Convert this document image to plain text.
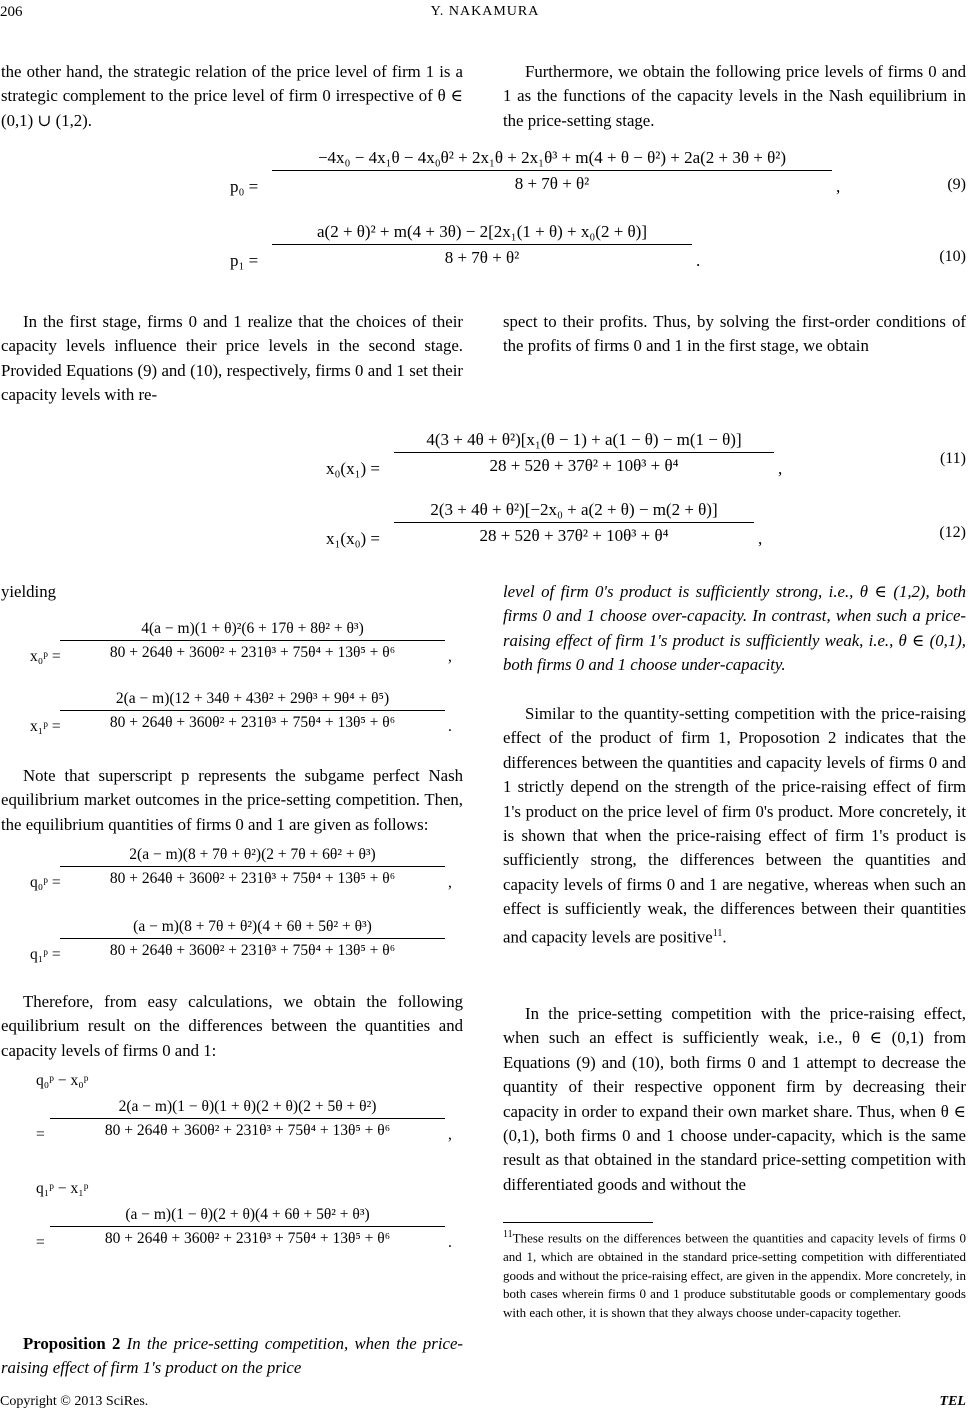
206	Y. NAKAMURA

the other hand, the strategic relation of the price level of firm 1 is a strategic complement to the price level of firm 0 irrespective of θ ∈ (0,1) ∪ (1,2).

Furthermore, we obtain the following price levels of firms 0 and 1 as the functions of the capacity levels in the Nash equilibrium in the price-setting stage.

p₀ =
−4x₀ − 4x₁θ − 4x₀θ² + 2x₁θ + 2x₁θ³ + m(4 + θ − θ²) + 2a(2 + 3θ + θ²)
8 + 7θ + θ²	,	(9)
$p_1 = \frac{\text{a(2 + θ)² + m(4 + 3θ) − 2[2x₁(1 + θ) + x₀(2 + θ)]}}{\text{8 + 7θ + θ²}}$ .	(10)

In the first stage, firms 0 and 1 realize that the choices of their capacity levels influence their price levels in the second stage. Provided Equations (9) and (10), respectively, firms 0 and 1 set their capacity levels with re-

spect to their profits. Thus, by solving the first-order conditions of the profits of firms 0 and 1 in the first stage, we obtain

$x_0(x_1) = \frac{\text{4(3 + 4θ + θ²)[x₁(θ − 1) + a(1 − θ) − m(1 − θ)]}}{\text{28 + 52θ + 37θ² + 10θ³ + θ⁴}}$ ,
(11)
$x_1(x_0) = \frac{\text{2(3 + 4θ + θ²)[−2x₀ + a(2 + θ) − m(2 + θ)]}}{\text{28 + 52θ + 37θ² + 10θ³ + θ⁴}}$ ,	(12)

yielding

x₀ᵖ = $\frac{\text{4(a − m)(1 + θ)²(6 + 17θ + 8θ² + θ³)}}{\text{80 + 264θ + 360θ² + 231θ³ + 75θ⁴ + 13θ⁵ + θ⁶}}$ ,
x₁ᵖ = $\frac{\text{2(a − m)(12 + 34θ + 43θ² + 29θ³ + 9θ⁴ + θ⁵)}}{\text{80 + 264θ + 360θ² + 231θ³ + 75θ⁴ + 13θ⁵ + θ⁶}}$ .

Note that superscript p represents the subgame perfect Nash equilibrium market outcomes in the price-setting competition. Then, the equilibrium quantities of firms 0 and 1 are given as follows:

q₀ᵖ = $\frac{\text{2(a − m)(8 + 7θ + θ²)(2 + 7θ + 6θ² + θ³)}}{\text{80 + 264θ + 360θ² + 231θ³ + 75θ⁴ + 13θ⁵ + θ⁶}}$ ,
q₁ᵖ = $\frac{\text{(a − m)(8 + 7θ + θ²)(4 + 6θ + 5θ² + θ³)}}{\text{80 + 264θ + 360θ² + 231θ³ + 75θ⁴ + 13θ⁵ + θ⁶}}$

Therefore, from easy calculations, we obtain the following equilibrium result on the differences between the quantities and capacity levels of firms 0 and 1:

q₀ᵖ − x₀ᵖ
= $\frac{\text{2(a − m)(1 − θ)(1 + θ)(2 + θ)(2 + 5θ + θ²)}}{\text{80 + 264θ + 360θ² + 231θ³ + 75θ⁴ + 13θ⁵ + θ⁶}}$ ,
q₁ᵖ − x₁ᵖ
= $\frac{\text{(a − m)(1 − θ)(2 + θ)(4 + 6θ + 5θ² + θ³)}}{\text{80 + 264θ + 360θ² + 231θ³ + 75θ⁴ + 13θ⁵ + θ⁶}}$ .

Proposition 2 In the price-setting competition, when the price-raising effect of firm 1's product on the price

level of firm 0's product is sufficiently strong, i.e., θ ∈ (1,2), both firms 0 and 1 choose over-capacity. In contrast, when such a price-raising effect of firm 1's product is sufficiently weak, i.e., θ ∈ (0,1), both firms 0 and 1 choose under-capacity.

Similar to the quantity-setting competition with the price-raising effect of the product of firm 1, Proposotion 2 indicates that the differences between the quantities and capacity levels of firms 0 and 1 strictly depend on the strength of the price-raising effect of firm 1's product on the price level of firm 0's product. More concretely, it is shown that when the price-raising effect of firm 1's product is sufficiently strong, the differences between the quantities and capacity levels of firms 0 and 1 are negative, whereas when such an effect is sufficiently weak, the differences between their quantities and capacity levels are positive$^{11}$.

In the price-setting competition with the price-raising effect, when such an effect is sufficiently weak, i.e., θ ∈ (0,1) from Equations (9) and (10), both firms 0 and 1 attempt to decrease the quantity of their respective opponent firm by decreasing their capacity in order to expand their own market share. Thus, when θ ∈ (0,1), both firms 0 and 1 choose under-capacity, which is the same result as that obtained in the standard price-setting competition with differentiated goods and without the

$^{11}$These results on the differences between the quantities and capacity levels of firms 0 and 1, which are obtained in the standard price-setting competition with differentiated goods and without the price-raising effect, are given in the appendix. More concretely, in both cases wherein firms 0 and 1 produce substitutable goods or complementary goods with each other, it is shown that they always choose under-capacity together.
Copyright © 2013 SciRes.	TEL
